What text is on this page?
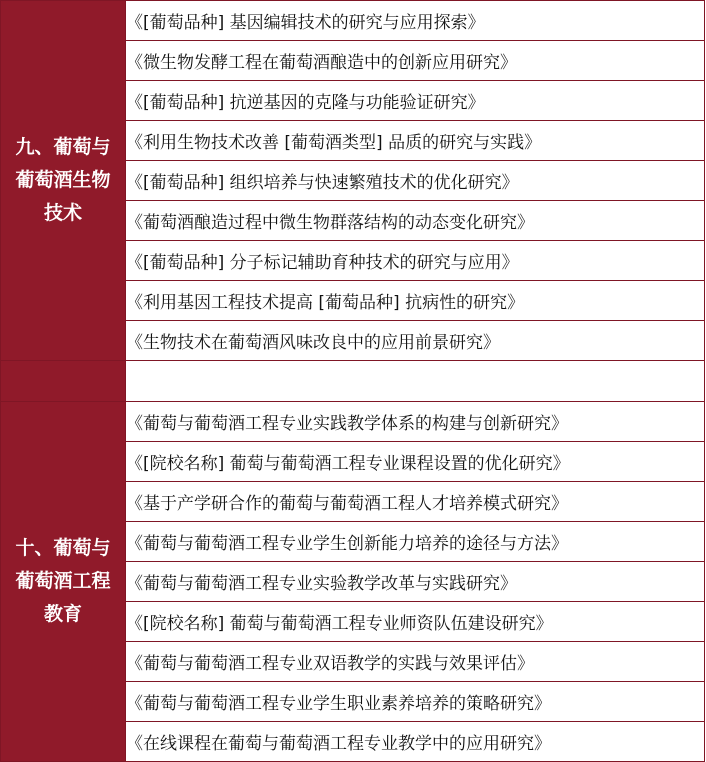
九、葡萄与葡萄酒生物技术	《[葡萄品种] 基因编辑技术的研究与应用探索》
	《微生物发酵工程在葡萄酒酿造中的创新应用研究》
	《[葡萄品种] 抗逆基因的克隆与功能验证研究》
	《利用生物技术改善 [葡萄酒类型] 品质的研究与实践》
	《[葡萄品种] 组织培养与快速繁殖技术的优化研究》
	《葡萄酒酿造过程中微生物群落结构的动态变化研究》
	《[葡萄品种] 分子标记辅助育种技术的研究与应用》
	《利用基因工程技术提高 [葡萄品种] 抗病性的研究》
	《生物技术在葡萄酒风味改良中的应用前景研究》

十、葡萄与葡萄酒工程教育	《葡萄与葡萄酒工程专业实践教学体系的构建与创新研究》
	《[院校名称] 葡萄与葡萄酒工程专业课程设置的优化研究》
	《基于产学研合作的葡萄与葡萄酒工程人才培养模式研究》
	《葡萄与葡萄酒工程专业学生创新能力培养的途径与方法》
	《葡萄与葡萄酒工程专业实验教学改革与实践研究》
	《[院校名称] 葡萄与葡萄酒工程专业师资队伍建设研究》
	《葡萄与葡萄酒工程专业双语教学的实践与效果评估》
	《葡萄与葡萄酒工程专业学生职业素养培养的策略研究》
	《在线课程在葡萄与葡萄酒工程专业教学中的应用研究》
